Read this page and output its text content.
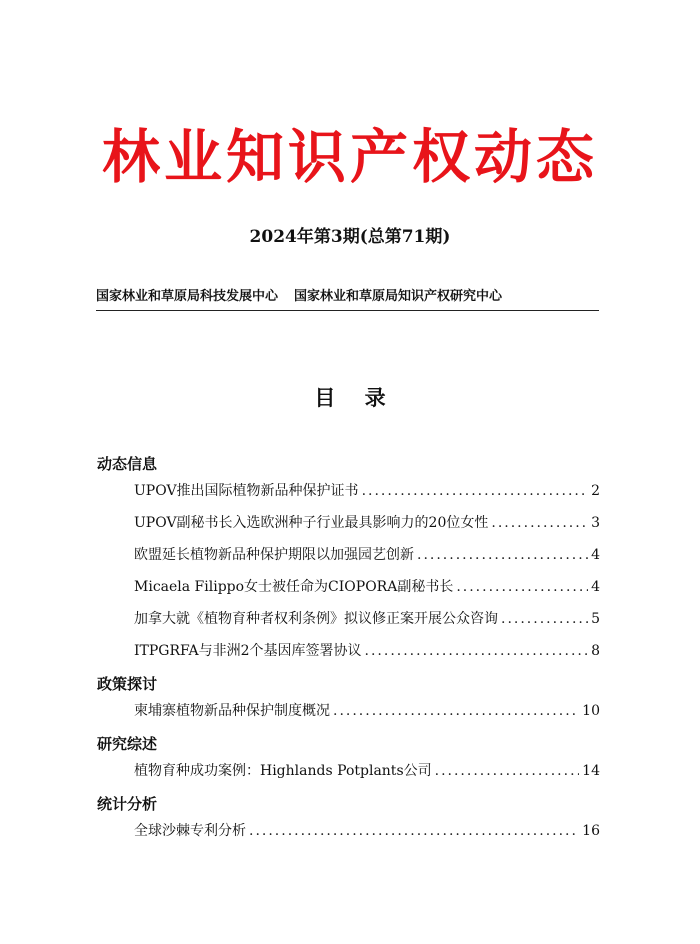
林业知识产权动态
2024年第3期(总第71期)
国家林业和草原局科技发展中心 国家林业和草原局知识产权研究中心
目    录
动态信息
UPOV推出国际植物新品种保护证书 .....	2
UPOV副秘书长入选欧洲种子行业最具影响力的20位女性 .....	3
欧盟延长植物新品种保护期限以加强园艺创新 .....	4
Micaela Filippo女士被任命为CIOPORA副秘书长 .....	4
加拿大就《植物育种者权利条例》拟议修正案开展公众咨询 .....	5
ITPGRFA与非洲2个基因库签署协议 .....	8
政策探讨
柬埔寨植物新品种保护制度概况 .....	10
研究综述
植物育种成功案例：Highlands Potplants公司 .....	14
统计分析
全球沙棘专利分析 .....	16
